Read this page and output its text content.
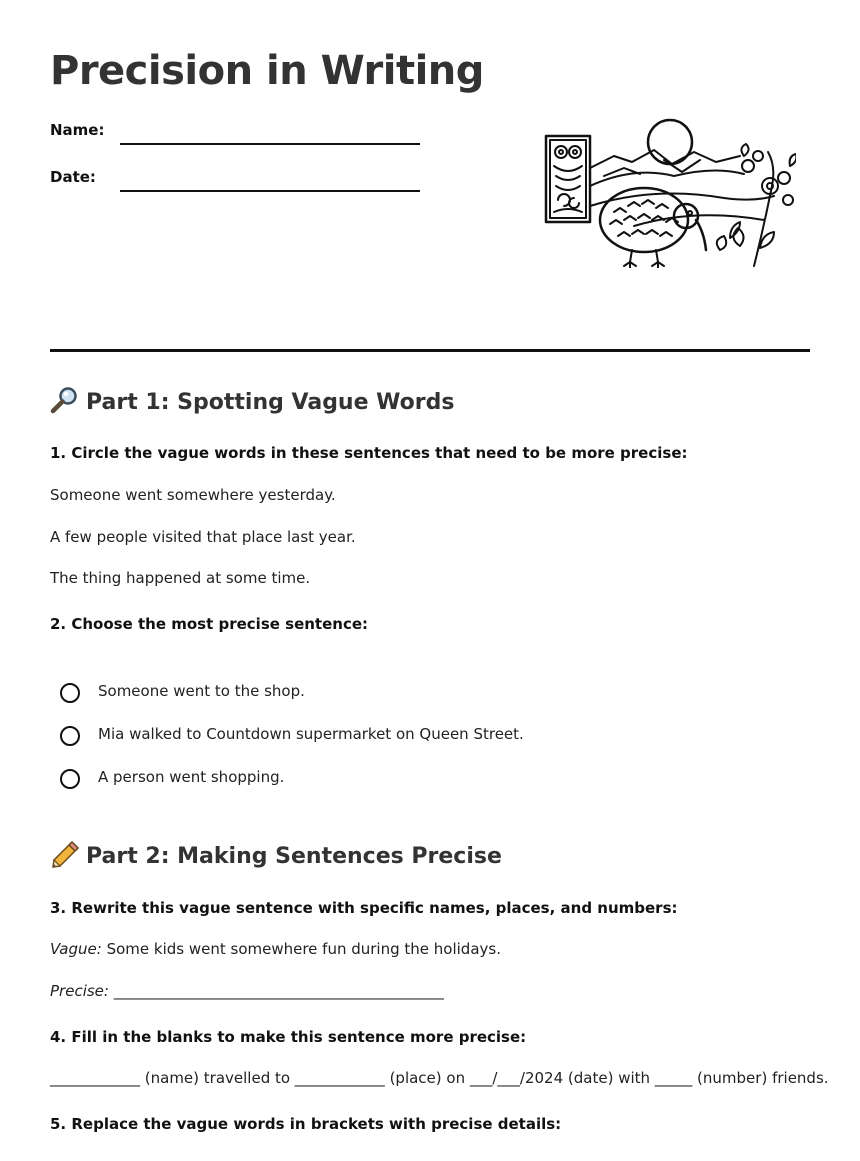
Precision in Writing
Name:
Date:
Part 1: Spotting Vague Words

1. Circle the vague words in these sentences that need to be more precise:

Someone went somewhere yesterday.

A few people visited that place last year.

The thing happened at some time.

2. Choose the most precise sentence:

Someone went to the shop.
Mia walked to Countdown supermarket on Queen Street.
A person went shopping.
Part 2: Making Sentences Precise

3. Rewrite this vague sentence with specific names, places, and numbers:

Vague: Some kids went somewhere fun during the holidays.

Precise: ____________________________________________

4. Fill in the blanks to make this sentence more precise:

____________ (name) travelled to ____________ (place) on ___/___/2024 (date) with _____ (number) friends.

5. Replace the vague words in brackets with precise details:
